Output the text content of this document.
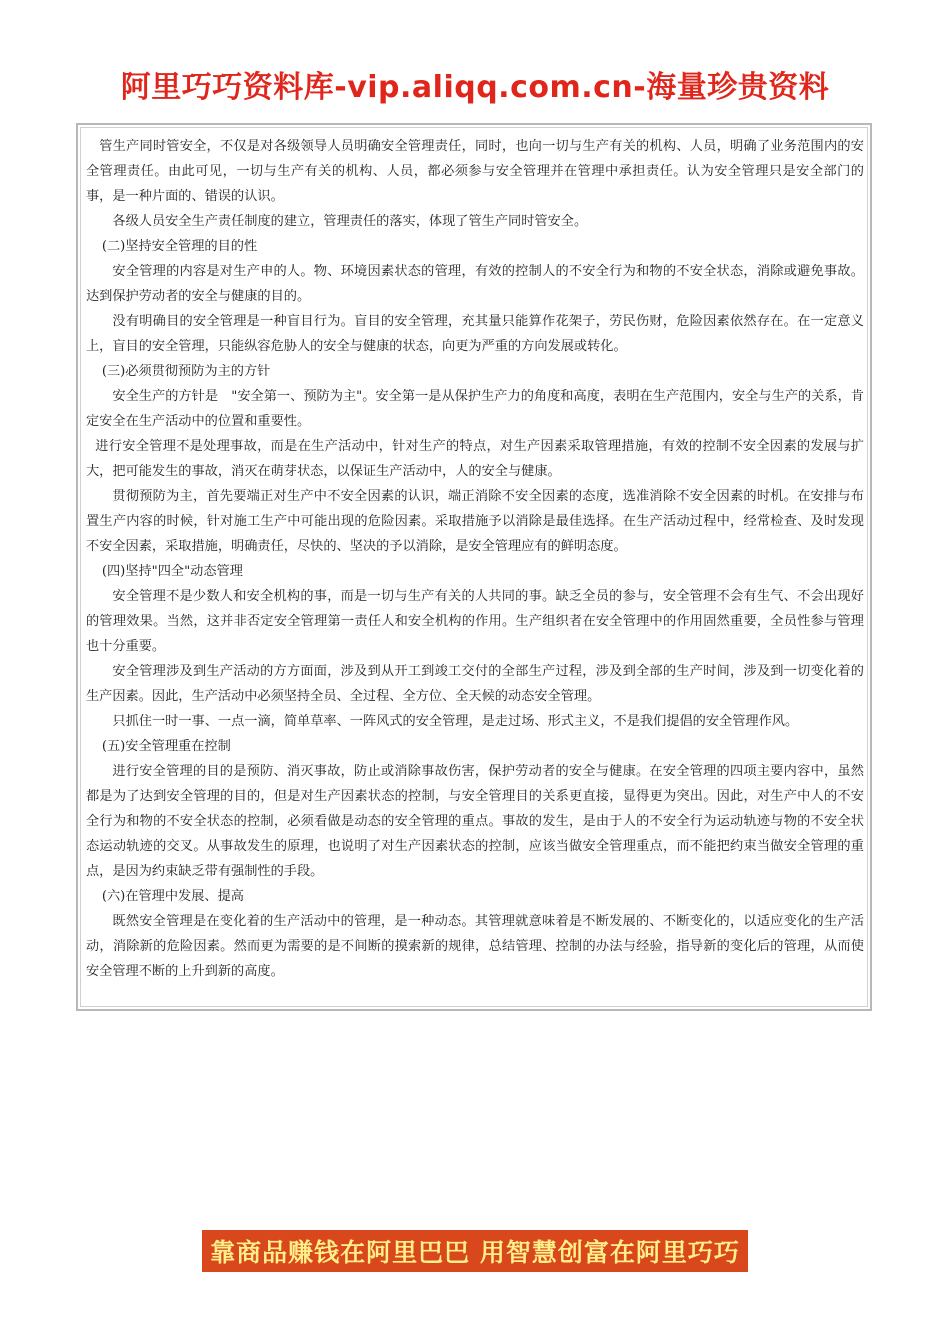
阿里巧巧资料库-vip.aliqq.com.cn-海量珍贵资料

管生产同时管安全，不仅是对各级领导人员明确安全管理责任，同时，也向一切与生产有关的机构、人员，明确了业务范围内的安全管理责任。由此可见，一切与生产有关的机构、人员，都必须参与安全管理并在管理中承担责任。认为安全管理只是安全部门的事，是一种片面的、错误的认识。

各级人员安全生产责任制度的建立，管理责任的落实，体现了管生产同时管安全。

(二)坚持安全管理的目的性

安全管理的内容是对生产申的人。物、环境因素状态的管理，有效的控制人的不安全行为和物的不安全状态，消除或避免事故。达到保护劳动者的安全与健康的目的。

没有明确目的安全管理是一种盲目行为。盲目的安全管理，充其量只能算作花架子，劳民伤财，危险因素依然存在。在一定意义上，盲目的安全管理，只能纵容危胁人的安全与健康的状态，向更为严重的方向发展或转化。

(三)必须贯彻预防为主的方针

安全生产的方针是　"安全第一、预防为主"。安全第一是从保护生产力的角度和高度，表明在生产范围内，安全与生产的关系，肯定安全在生产活动中的位置和重要性。

进行安全管理不是处理事故，而是在生产活动中，针对生产的特点，对生产因素采取管理措施，有效的控制不安全因素的发展与扩大，把可能发生的事故，消灭在萌芽状态，以保证生产活动中，人的安全与健康。

贯彻预防为主，首先要端正对生产中不安全因素的认识，端正消除不安全因素的态度，选准消除不安全因素的时机。在安排与布置生产内容的时候，针对施工生产中可能出现的危险因素。采取措施予以消除是最佳选择。在生产活动过程中，经常检查、及时发现不安全因素，采取措施，明确责任，尽快的、坚决的予以消除，是安全管理应有的鲜明态度。

(四)坚持"四全"动态管理

安全管理不是少数人和安全机构的事，而是一切与生产有关的人共同的事。缺乏全员的参与，安全管理不会有生气、不会出现好的管理效果。当然，这并非否定安全管理第一责任人和安全机构的作用。生产组织者在安全管理中的作用固然重要，全员性参与管理也十分重要。

安全管理涉及到生产活动的方方面面，涉及到从开工到竣工交付的全部生产过程，涉及到全部的生产时间，涉及到一切变化着的生产因素。因此，生产活动中必须坚持全员、全过程、全方位、全天候的动态安全管理。

只抓住一时一事、一点一滴，简单草率、一阵风式的安全管理，是走过场、形式主义，不是我们提倡的安全管理作风。

(五)安全管理重在控制

进行安全管理的目的是预防、消灭事故，防止或消除事故伤害，保护劳动者的安全与健康。在安全管理的四项主要内容中，虽然都是为了达到安全管理的目的，但是对生产因素状态的控制，与安全管理目的关系更直接，显得更为突出。因此，对生产中人的不安全行为和物的不安全状态的控制，必须看做是动态的安全管理的重点。事故的发生，是由于人的不安全行为运动轨迹与物的不安全状态运动轨迹的交叉。从事故发生的原理，也说明了对生产因素状态的控制，应该当做安全管理重点，而不能把约束当做安全管理的重点，是因为约束缺乏带有强制性的手段。

(六)在管理中发展、提高

既然安全管理是在变化着的生产活动中的管理，是一种动态。其管理就意味着是不断发展的、不断变化的，以适应变化的生产活动，消除新的危险因素。然而更为需要的是不间断的摸索新的规律，总结管理、控制的办法与经验，指导新的变化后的管理，从而使安全管理不断的上升到新的高度。

靠商品赚钱在阿里巴巴 用智慧创富在阿里巧巧
